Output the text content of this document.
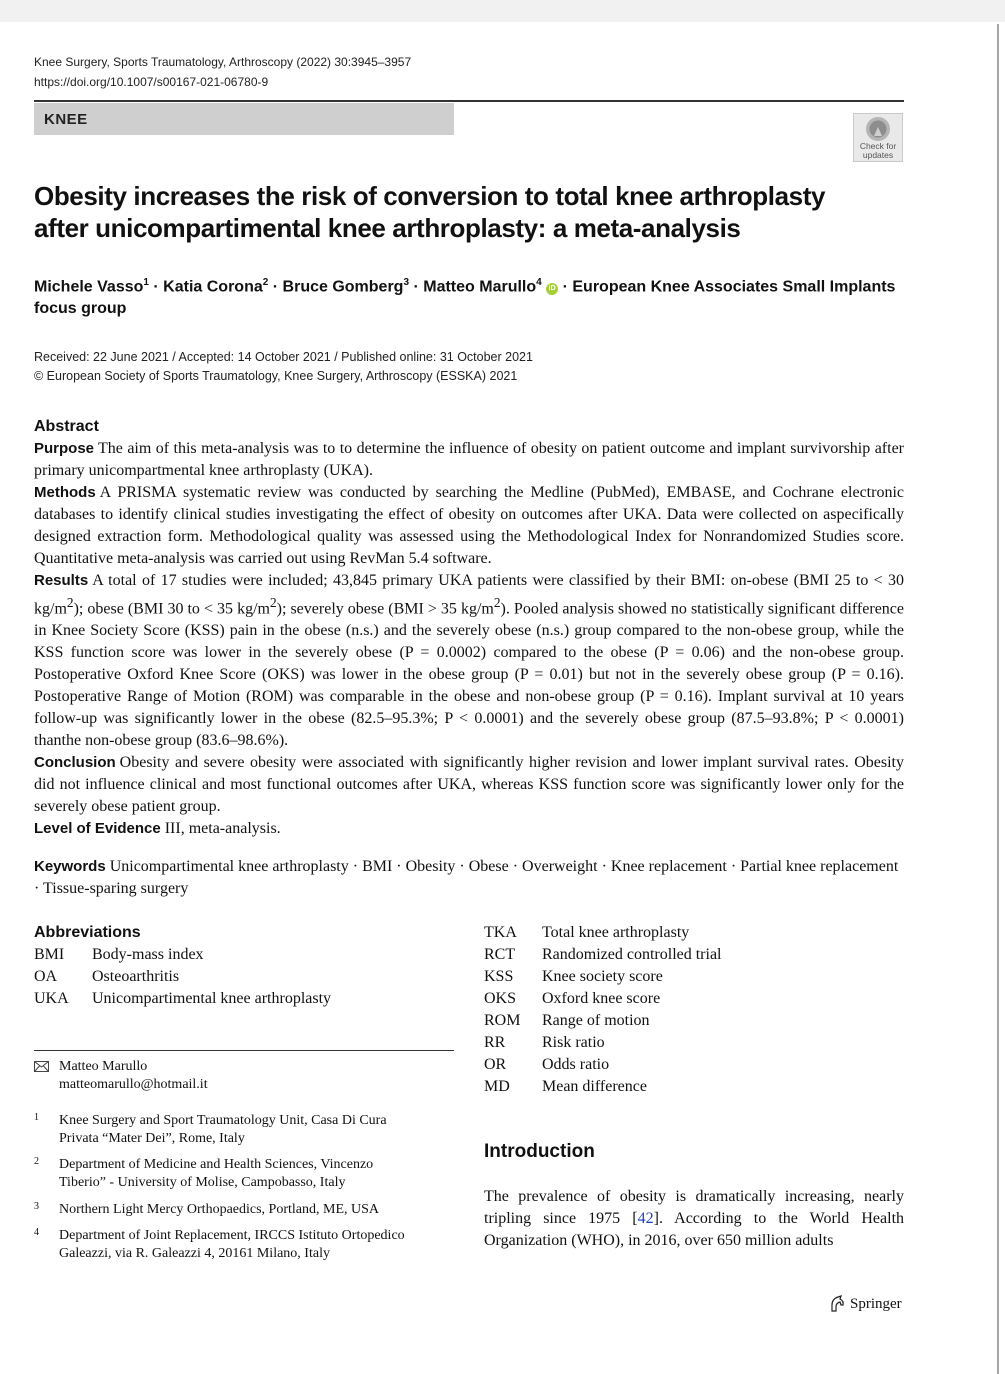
Knee Surgery, Sports Traumatology, Arthroscopy (2022) 30:3945–3957
https://doi.org/10.1007/s00167-021-06780-9
KNEE
Check for
updates
Obesity increases the risk of conversion to total knee arthroplasty
after unicompartimental knee arthroplasty: a meta-analysis
Michele Vasso$^1$ · Katia Corona$^2$ · Bruce Gomberg$^3$ · Matteo Marullo$^4$ iD · European Knee Associates Small Implants focus group
Received: 22 June 2021 / Accepted: 14 October 2021 / Published online: 31 October 2021
© European Society of Sports Traumatology, Knee Surgery, Arthroscopy (ESSKA) 2021
Abstract

Purpose The aim of this meta-analysis was to to determine the influence of obesity on patient outcome and implant survivorship after primary unicompartmental knee arthroplasty (UKA).

Methods A PRISMA systematic review was conducted by searching the Medline (PubMed), EMBASE, and Cochrane electronic databases to identify clinical studies investigating the effect of obesity on outcomes after UKA. Data were collected on aspecifically designed extraction form. Methodological quality was assessed using the Methodological Index for Nonrandomized Studies score. Quantitative meta-analysis was carried out using RevMan 5.4 software.

Results A total of 17 studies were included; 43,845 primary UKA patients were classified by their BMI: on-obese (BMI 25 to < 30 $kg/m^2$); obese (BMI 30 to < 35 $kg/m^2$); severely obese (BMI > 35 $kg/m^2$). Pooled analysis showed no statistically significant difference in Knee Society Score (KSS) pain in the obese (n.s.) and the severely obese (n.s.) group compared to the non-obese group, while the KSS function score was lower in the severely obese (P = 0.0002) compared to the obese (P = 0.06) and the non-obese group. Postoperative Oxford Knee Score (OKS) was lower in the obese group (P = 0.01) but not in the severely obese group (P = 0.16). Postoperative Range of Motion (ROM) was comparable in the obese and non-obese group (P = 0.16). Implant survival at 10 years follow-up was significantly lower in the obese (82.5–95.3%; P < 0.0001) and the severely obese group (87.5–93.8%; P < 0.0001) thanthe non-obese group (83.6–98.6%).

Conclusion Obesity and severe obesity were associated with significantly higher revision and lower implant survival rates. Obesity did not influence clinical and most functional outcomes after UKA, whereas KSS function score was significantly lower only for the severely obese patient group.

Level of Evidence III, meta-analysis.

Keywords Unicompartimental knee arthroplasty · BMI · Obesity · Obese · Overweight · Knee replacement · Partial knee replacement · Tissue-sparing surgery
Abbreviations
BMI Body-mass index
OA Osteoarthritis
UKA Unicompartimental knee arthroplasty
TKA Total knee arthroplasty
RCT Randomized controlled trial
KSS Knee society score
OKS Oxford knee score
ROM Range of motion
RR Risk ratio
OR Odds ratio
MD Mean difference
Matteo Marullo
matteomarullo@hotmail.it
1 Knee Surgery and Sport Traumatology Unit, Casa Di Cura
Privata “Mater Dei”, Rome, Italy
2 Department of Medicine and Health Sciences, Vincenzo
Tiberio” - University of Molise, Campobasso, Italy
3 Northern Light Mercy Orthopaedics, Portland, ME, USA
4 Department of Joint Replacement, IRCCS Istituto Ortopedico
Galeazzi, via R. Galeazzi 4, 20161 Milano, Italy
Introduction
The prevalence of obesity is dramatically increasing, nearly tripling since 1975 [42]. According to the World Health Organization (WHO), in 2016, over 650 million adults
Springer
